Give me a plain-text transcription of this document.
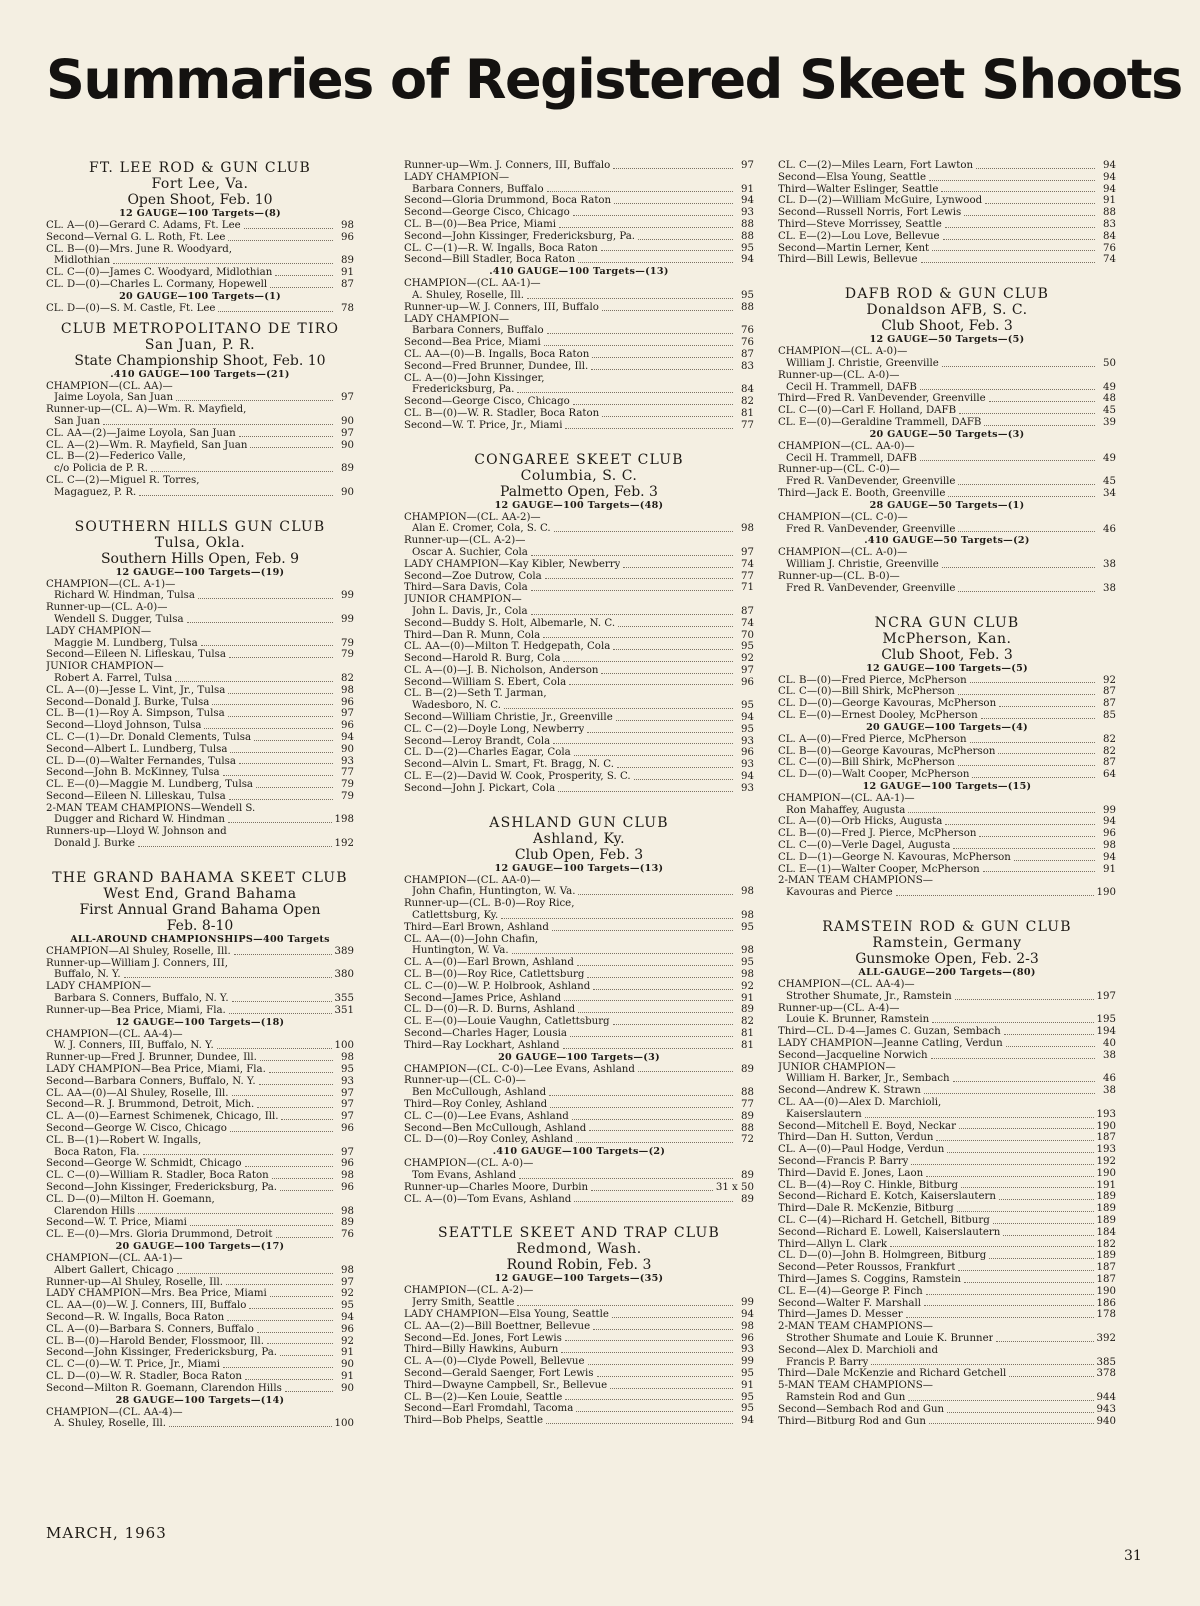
Summaries of Registered Skeet Shoots
FT. LEE ROD & GUN CLUB
Fort Lee, Va.
Open Shoot, Feb. 10
12 GAUGE—100 Targets—(8)
CL. A—(0)—Gerard C. Adams, Ft. Lee	98
Second—Vernal G. L. Roth, Ft. Lee	96
CL. B—(0)—Mrs. June R. Woodyard,
Midlothian	89
CL. C—(0)—James C. Woodyard, Midlothian	91
CL. D—(0)—Charles L. Cormany, Hopewell	87
20 GAUGE—100 Targets—(1)
CL. D—(0)—S. M. Castle, Ft. Lee	78
CLUB METROPOLITANO DE TIRO
San Juan, P. R.
State Championship Shoot, Feb. 10
.410 GAUGE—100 Targets—(21)
CHAMPION—(CL. AA)—
Jaime Loyola, San Juan	97
Runner-up—(CL. A)—Wm. R. Mayfield,
San Juan	90
CL. AA—(2)—Jaime Loyola, San Juan	97
CL. A—(2)—Wm. R. Mayfield, San Juan	90
CL. B—(2)—Federico Valle,
c/o Policia de P. R.	89
CL. C—(2)—Miguel R. Torres,
Magaguez, P. R.	90
SOUTHERN HILLS GUN CLUB
Tulsa, Okla.
Southern Hills Open, Feb. 9
12 GAUGE—100 Targets—(19)
CHAMPION—(CL. A-1)—
Richard W. Hindman, Tulsa	99
Runner-up—(CL. A-0)—
Wendell S. Dugger, Tulsa	99
LADY CHAMPION—
Maggie M. Lundberg, Tulsa	79
Second—Eileen N. Lifleskau, Tulsa	79
JUNIOR CHAMPION—
Robert A. Farrel, Tulsa	82
CL. A—(0)—Jesse L. Vint, Jr., Tulsa	98
Second—Donald J. Burke, Tulsa	96
CL. B—(1)—Roy A. Simpson, Tulsa	97
Second—Lloyd Johnson, Tulsa	96
CL. C—(1)—Dr. Donald Clements, Tulsa	94
Second—Albert L. Lundberg, Tulsa	90
CL. D—(0)—Walter Fernandes, Tulsa	93
Second—John B. McKinney, Tulsa	77
CL. E—(0)—Maggie M. Lundberg, Tulsa	79
Second—Eileen N. Lilleskau, Tulsa	79
2-MAN TEAM CHAMPIONS—Wendell S.
Dugger and Richard W. Hindman	198
Runners-up—Lloyd W. Johnson and
Donald J. Burke	192
THE GRAND BAHAMA SKEET CLUB
West End, Grand Bahama
First Annual Grand Bahama Open
Feb. 8-10
ALL-AROUND CHAMPIONSHIPS—400 Targets
CHAMPION—Al Shuley, Roselle, Ill.	389
Runner-up—William J. Conners, III,
Buffalo, N. Y.	380
LADY CHAMPION—
Barbara S. Conners, Buffalo, N. Y.	355
Runner-up—Bea Price, Miami, Fla.	351
12 GAUGE—100 Targets—(18)
CHAMPION—(CL. AA-4)—
W. J. Conners, III, Buffalo, N. Y.	100
Runner-up—Fred J. Brunner, Dundee, Ill.	98
LADY CHAMPION—Bea Price, Miami, Fla.	95
Second—Barbara Conners, Buffalo, N. Y.	93
CL. AA—(0)—Al Shuley, Roselle, Ill.	97
Second—R. J. Brummond, Detroit, Mich.	97
CL. A—(0)—Earnest Schimenek, Chicago, Ill.	97
Second—George W. Cisco, Chicago	96
CL. B—(1)—Robert W. Ingalls,
Boca Raton, Fla.	97
Second—George W. Schmidt, Chicago	96
CL. C—(0)—William R. Stadler, Boca Raton	98
Second—John Kissinger, Fredericksburg, Pa.	96
CL. D—(0)—Milton H. Goemann,
Clarendon Hills	98
Second—W. T. Price, Miami	89
CL. E—(0)—Mrs. Gloria Drummond, Detroit	76
20 GAUGE—100 Targets—(17)
CHAMPION—(CL. AA-1)—
Albert Gallert, Chicago	98
Runner-up—Al Shuley, Roselle, Ill.	97
LADY CHAMPION—Mrs. Bea Price, Miami	92
CL. AA—(0)—W. J. Conners, III, Buffalo	95
Second—R. W. Ingalls, Boca Raton	94
CL. A—(0)—Barbara S. Conners, Buffalo	96
CL. B—(0)—Harold Bender, Flossmoor, Ill.	92
Second—John Kissinger, Fredericksburg, Pa.	91
CL. C—(0)—W. T. Price, Jr., Miami	90
CL. D—(0)—W. R. Stadler, Boca Raton	91
Second—Milton R. Goemann, Clarendon Hills	90
28 GAUGE—100 Targets—(14)
CHAMPION—(CL. AA-4)—
A. Shuley, Roselle, Ill.	100
Runner-up—Wm. J. Conners, III, Buffalo	97
LADY CHAMPION—
Barbara Conners, Buffalo	91
Second—Gloria Drummond, Boca Raton	94
Second—George Cisco, Chicago	93
CL. B—(0)—Bea Price, Miami	88
Second—John Kissinger, Fredericksburg, Pa.	88
CL. C—(1)—R. W. Ingalls, Boca Raton	95
Second—Bill Stadler, Boca Raton	94
.410 GAUGE—100 Targets—(13)
CHAMPION—(CL. AA-1)—
A. Shuley, Roselle, Ill.	95
Runner-up—W. J. Conners, III, Buffalo	88
LADY CHAMPION—
Barbara Conners, Buffalo	76
Second—Bea Price, Miami	76
CL. AA—(0)—B. Ingalls, Boca Raton	87
Second—Fred Brunner, Dundee, Ill.	83
CL. A—(0)—John Kissinger,
Fredericksburg, Pa.	84
Second—George Cisco, Chicago	82
CL. B—(0)—W. R. Stadler, Boca Raton	81
Second—W. T. Price, Jr., Miami	77
CONGAREE SKEET CLUB
Columbia, S. C.
Palmetto Open, Feb. 3
12 GAUGE—100 Targets—(48)
CHAMPION—(CL. AA-2)—
Alan E. Cromer, Cola, S. C.	98
Runner-up—(CL. A-2)—
Oscar A. Suchier, Cola	97
LADY CHAMPION—Kay Kibler, Newberry	74
Second—Zoe Dutrow, Cola	77
Third—Sara Davis, Cola	71
JUNIOR CHAMPION—
John L. Davis, Jr., Cola	87
Second—Buddy S. Holt, Albemarle, N. C.	74
Third—Dan R. Munn, Cola	70
CL. AA—(0)—Milton T. Hedgepath, Cola	95
Second—Harold R. Burg, Cola	92
CL. A—(0)—J. B. Nicholson, Anderson	97
Second—William S. Ebert, Cola	96
CL. B—(2)—Seth T. Jarman,
Wadesboro, N. C.	95
Second—William Christie, Jr., Greenville	94
CL. C—(2)—Doyle Long, Newberry	95
Second—Leroy Brandt, Cola	93
CL. D—(2)—Charles Eagar, Cola	96
Second—Alvin L. Smart, Ft. Bragg, N. C.	93
CL. E—(2)—David W. Cook, Prosperity, S. C.	94
Second—John J. Pickart, Cola	93
ASHLAND GUN CLUB
Ashland, Ky.
Club Open, Feb. 3
12 GAUGE—100 Targets—(13)
CHAMPION—(CL. AA-0)—
John Chafin, Huntington, W. Va.	98
Runner-up—(CL. B-0)—Roy Rice,
Catlettsburg, Ky.	98
Third—Earl Brown, Ashland	95
CL. AA—(0)—John Chafin,
Huntington, W. Va.	98
CL. A—(0)—Earl Brown, Ashland	95
CL. B—(0)—Roy Rice, Catlettsburg	98
CL. C—(0)—W. P. Holbrook, Ashland	92
Second—James Price, Ashland	91
CL. D—(0)—R. D. Burns, Ashland	89
CL. E—(0)—Louie Vaughn, Catlettsburg	82
Second—Charles Hager, Lousia	81
Third—Ray Lockhart, Ashland	81
20 GAUGE—100 Targets—(3)
CHAMPION—(CL. C-0)—Lee Evans, Ashland	89
Runner-up—(CL. C-0)—
Ben McCullough, Ashland	88
Third—Roy Conley, Ashland	77
CL. C—(0)—Lee Evans, Ashland	89
Second—Ben McCullough, Ashland	88
CL. D—(0)—Roy Conley, Ashland	72
.410 GAUGE—100 Targets—(2)
CHAMPION—(CL. A-0)—
Tom Evans, Ashland	89
Runner-up—Charles Moore, Durbin	31 x 50
CL. A—(0)—Tom Evans, Ashland	89
SEATTLE SKEET AND TRAP CLUB
Redmond, Wash.
Round Robin, Feb. 3
12 GAUGE—100 Targets—(35)
CHAMPION—(CL. A-2)—
Jerry Smith, Seattle	99
LADY CHAMPION—Elsa Young, Seattle	94
CL. AA—(2)—Bill Boettner, Bellevue	98
Second—Ed. Jones, Fort Lewis	96
Third—Billy Hawkins, Auburn	93
CL. A—(0)—Clyde Powell, Bellevue	99
Second—Gerald Saenger, Fort Lewis	95
Third—Dwayne Campbell, Sr., Bellevue	91
CL. B—(2)—Ken Louie, Seattle	95
Second—Earl Fromdahl, Tacoma	95
Third—Bob Phelps, Seattle	94
CL. C—(2)—Miles Learn, Fort Lawton	94
Second—Elsa Young, Seattle	94
Third—Walter Eslinger, Seattle	94
CL. D—(2)—William McGuire, Lynwood	91
Second—Russell Norris, Fort Lewis	88
Third—Steve Morrissey, Seattle	83
CL. E—(2)—Lou Love, Bellevue	84
Second—Martin Lerner, Kent	76
Third—Bill Lewis, Bellevue	74
DAFB ROD & GUN CLUB
Donaldson AFB, S. C.
Club Shoot, Feb. 3
12 GAUGE—50 Targets—(5)
CHAMPION—(CL. A-0)—
William J. Christie, Greenville	50
Runner-up—(CL. A-0)—
Cecil H. Trammell, DAFB	49
Third—Fred R. VanDevender, Greenville	48
CL. C—(0)—Carl F. Holland, DAFB	45
CL. E—(0)—Geraldine Trammell, DAFB	39
20 GAUGE—50 Targets—(3)
CHAMPION—(CL. AA-0)—
Cecil H. Trammell, DAFB	49
Runner-up—(CL. C-0)—
Fred R. VanDevender, Greenville	45
Third—Jack E. Booth, Greenville	34
28 GAUGE—50 Targets—(1)
CHAMPION—(CL. C-0)—
Fred R. VanDevender, Greenville	46
.410 GAUGE—50 Targets—(2)
CHAMPION—(CL. A-0)—
William J. Christie, Greenville	38
Runner-up—(CL. B-0)—
Fred R. VanDevender, Greenville	38
NCRA GUN CLUB
McPherson, Kan.
Club Shoot, Feb. 3
12 GAUGE—100 Targets—(5)
CL. B—(0)—Fred Pierce, McPherson	92
CL. C—(0)—Bill Shirk, McPherson	87
CL. D—(0)—George Kavouras, McPherson	87
CL. E—(0)—Ernest Dooley, McPherson	85
20 GAUGE—100 Targets—(4)
CL. A—(0)—Fred Pierce, McPherson	82
CL. B—(0)—George Kavouras, McPherson	82
CL. C—(0)—Bill Shirk, McPherson	87
CL. D—(0)—Walt Cooper, McPherson	64
12 GAUGE—100 Targets—(15)
CHAMPION—(CL. AA-1)—
Ron Mahaffey, Augusta	99
CL. A—(0)—Orb Hicks, Augusta	94
CL. B—(0)—Fred J. Pierce, McPherson	96
CL. C—(0)—Verle Dagel, Augusta	98
CL. D—(1)—George N. Kavouras, McPherson	94
CL. E—(1)—Walter Cooper, McPherson	91
2-MAN TEAM CHAMPIONS—
Kavouras and Pierce	190
RAMSTEIN ROD & GUN CLUB
Ramstein, Germany
Gunsmoke Open, Feb. 2-3
ALL-GAUGE—200 Targets—(80)
CHAMPION—(CL. AA-4)—
Strother Shumate, Jr., Ramstein	197
Runner-up—(CL. A-4)—
Louie K. Brunner, Ramstein	195
Third—CL. D-4—James C. Guzan, Sembach	194
LADY CHAMPION—Jeanne Catling, Verdun	40
Second—Jacqueline Norwich	38
JUNIOR CHAMPION—
William H. Barker, Jr., Sembach	46
Second—Andrew K. Strawn	38
CL. AA—(0)—Alex D. Marchioli,
Kaiserslautern	193
Second—Mitchell E. Boyd, Neckar	190
Third—Dan H. Sutton, Verdun	187
CL. A—(0)—Paul Hodge, Verdun	193
Second—Francis P. Barry	192
Third—David E. Jones, Laon	190
CL. B—(4)—Roy C. Hinkle, Bitburg	191
Second—Richard E. Kotch, Kaiserslautern	189
Third—Dale R. McKenzie, Bitburg	189
CL. C—(4)—Richard H. Getchell, Bitburg	189
Second—Richard E. Lowell, Kaiserslautern	184
Third—Allyn L. Clark	182
CL. D—(0)—John B. Holmgreen, Bitburg	189
Second—Peter Roussos, Frankfurt	187
Third—James S. Coggins, Ramstein	187
CL. E—(4)—George P. Finch	190
Second—Walter F. Marshall	186
Third—James D. Messer	178
2-MAN TEAM CHAMPIONS—
Strother Shumate and Louie K. Brunner	392
Second—Alex D. Marchioli and
Francis P. Barry	385
Third—Dale McKenzie and Richard Getchell	378
5-MAN TEAM CHAMPIONS—
Ramstein Rod and Gun	944
Second—Sembach Rod and Gun	943
Third—Bitburg Rod and Gun	940
MARCH, 1963
31
